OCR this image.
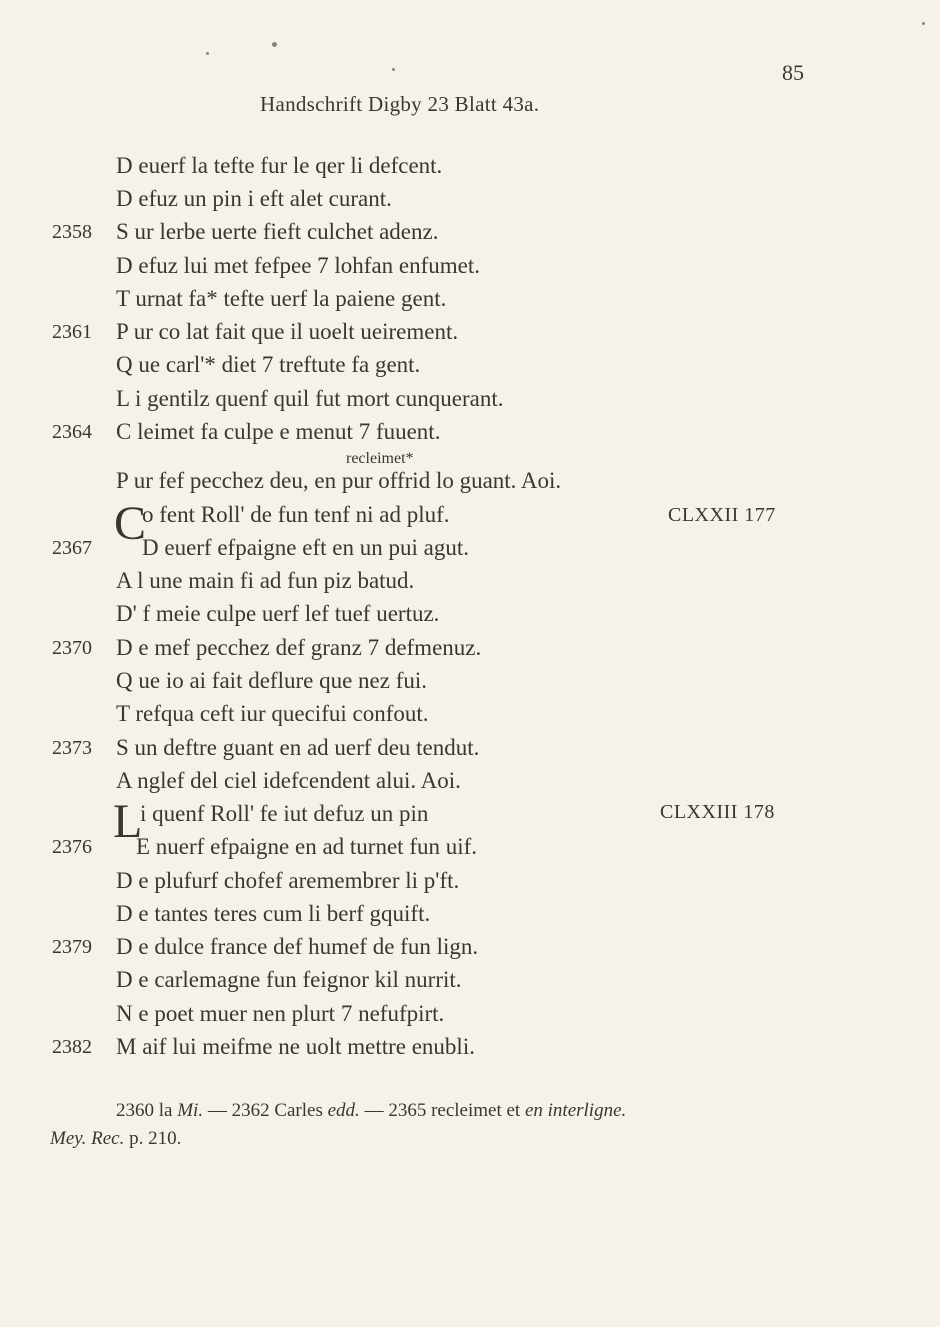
85
Handschrift Digby 23 Blatt 43a.
D euerf la tefte fur le qer li defcent.
D efuz un pin i eft alet curant.
S ur lerbe uerte fieft culchet adenz.
D efuz lui met fefpee 7 lohfan enfumet.
T urnat fa* tefte uerf la paiene gent.
P ur co lat fait que il uoelt ueirement.
Q ue carl'* diet 7 treftute fa gent.
L i gentilz quenf quil fut mort cunquerant.
C leimet fa culpe e menut 7 fuuent.
recleimet*
P ur fef pecchez deu, en pur offrid lo guant. Aoi.
C
o fent Roll' de fun tenf ni ad pluf.
D euerf efpaigne eft en un pui agut.
A l une main fi ad fun piz batud.
D' f meie culpe uerf lef tuef uertuz.
D e mef pecchez def granz 7 defmenuz.
Q ue io ai fait deflure que nez fui.
T refqua ceft iur quecifui confout.
S un deftre guant en ad uerf deu tendut.
A nglef del ciel idefcendent alui. Aoi.
L
i quenf Roll' fe iut defuz un pin
E nuerf efpaigne en ad turnet fun uif.
D e plufurf chofef aremembrer li p'ft.
D e tantes teres cum li berf gquift.
D e dulce france def humef de fun lign.
D e carlemagne fun feignor kil nurrit.
N e poet muer nen plurt 7 nefufpirt.
M aif lui meifme ne uolt mettre enubli.
2358
2361
2364
2367
2370
2373
2376
2379
2382
CLXXII 177
CLXXIII 178
2360 la Mi. — 2362 Carles edd. — 2365 recleimet et en interligne.
Mey. Rec. p. 210.
